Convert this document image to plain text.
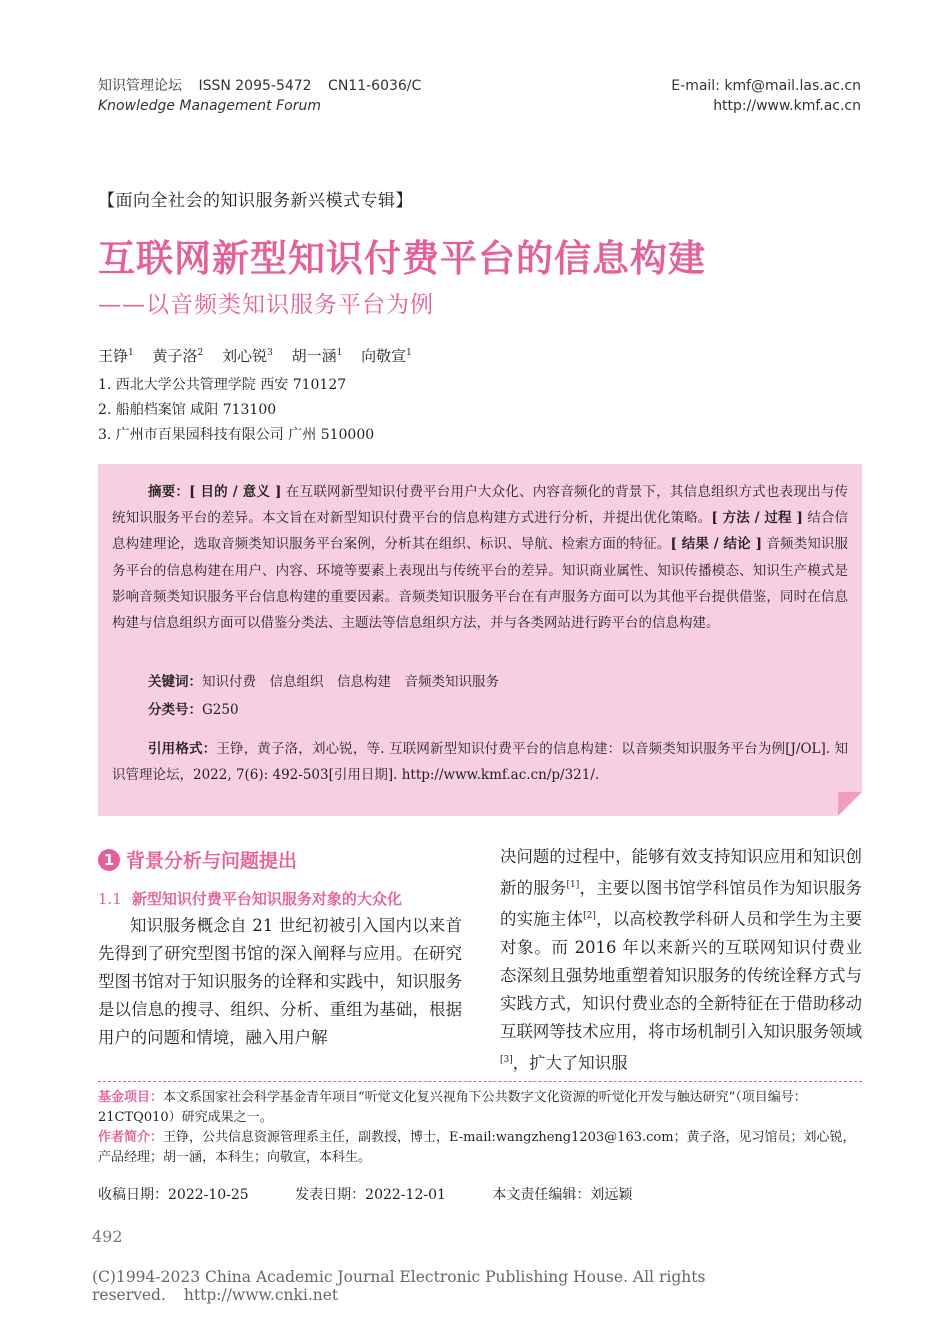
知识管理论坛 ISSN 2095-5472 CN11-6036/C
Knowledge Management Forum
E-mail: kmf@mail.las.ac.cn
http://www.kmf.ac.cn
【面向全社会的知识服务新兴模式专辑】
互联网新型知识付费平台的信息构建
——以音频类知识服务平台为例
王铮$^1$ 黄子洛$^2$ 刘心锐$^3$ 胡一涵$^1$ 向敬宣$^1$
1. 西北大学公共管理学院 西安 710127
2. 船舶档案馆 咸阳 713100
3. 广州市百果园科技有限公司 广州 510000
摘要：[ 目的 / 意义 ] 在互联网新型知识付费平台用户大众化、内容音频化的背景下，其信息组织方式也表现出与传统知识服务平台的差异。本文旨在对新型知识付费平台的信息构建方式进行分析，并提出优化策略。[ 方法 / 过程 ] 结合信息构建理论，选取音频类知识服务平台案例，分析其在组织、标识、导航、检索方面的特征。[ 结果 / 结论 ] 音频类知识服务平台的信息构建在用户、内容、环境等要素上表现出与传统平台的差异。知识商业属性、知识传播模态、知识生产模式是影响音频类知识服务平台信息构建的重要因素。音频类知识服务平台在有声服务方面可以为其他平台提供借鉴，同时在信息构建与信息组织方面可以借鉴分类法、主题法等信息组织方法，并与各类网站进行跨平台的信息构建。
关键词：知识付费　信息组织　信息构建　音频类知识服务
分类号：G250
引用格式：王铮，黄子洛，刘心锐，等. 互联网新型知识付费平台的信息构建：以音频类知识服务平台为例[J/OL]. 知识管理论坛，2022, 7(6): 492-503[引用日期]. http://www.kmf.ac.cn/p/321/.
1 背景分析与问题提出
1.1 新型知识付费平台知识服务对象的大众化
知识服务概念自 21 世纪初被引入国内以来首先得到了研究型图书馆的深入阐释与应用。在研究型图书馆对于知识服务的诠释和实践中，知识服务是以信息的搜寻、组织、分析、重组为基础，根据用户的问题和情境，融入用户解
决问题的过程中，能够有效支持知识应用和知识创新的服务[1]，主要以图书馆学科馆员作为知识服务的实施主体[2]，以高校教学科研人员和学生为主要对象。而 2016 年以来新兴的互联网知识付费业态深刻且强势地重塑着知识服务的传统诠释方式与实践方式，知识付费业态的全新特征在于借助移动互联网等技术应用，将市场机制引入知识服务领域[3]，扩大了知识服
基金项目：本文系国家社会科学基金青年项目“听觉文化复兴视角下公共数字文化资源的听觉化开发与触达研究”（项目编号：21CTQ010）研究成果之一。
作者简介：王铮，公共信息资源管理系主任，副教授，博士，E-mail:wangzheng1203@163.com；黄子洛，见习馆员；刘心锐，产品经理；胡一涵，本科生；向敬宣，本科生。
收稿日期：2022-10-25	发表日期：2022-12-01	本文责任编辑：刘远颖
492
(C)1994-2023 China Academic Journal Electronic Publishing House. All rights reserved. http://www.cnki.net
